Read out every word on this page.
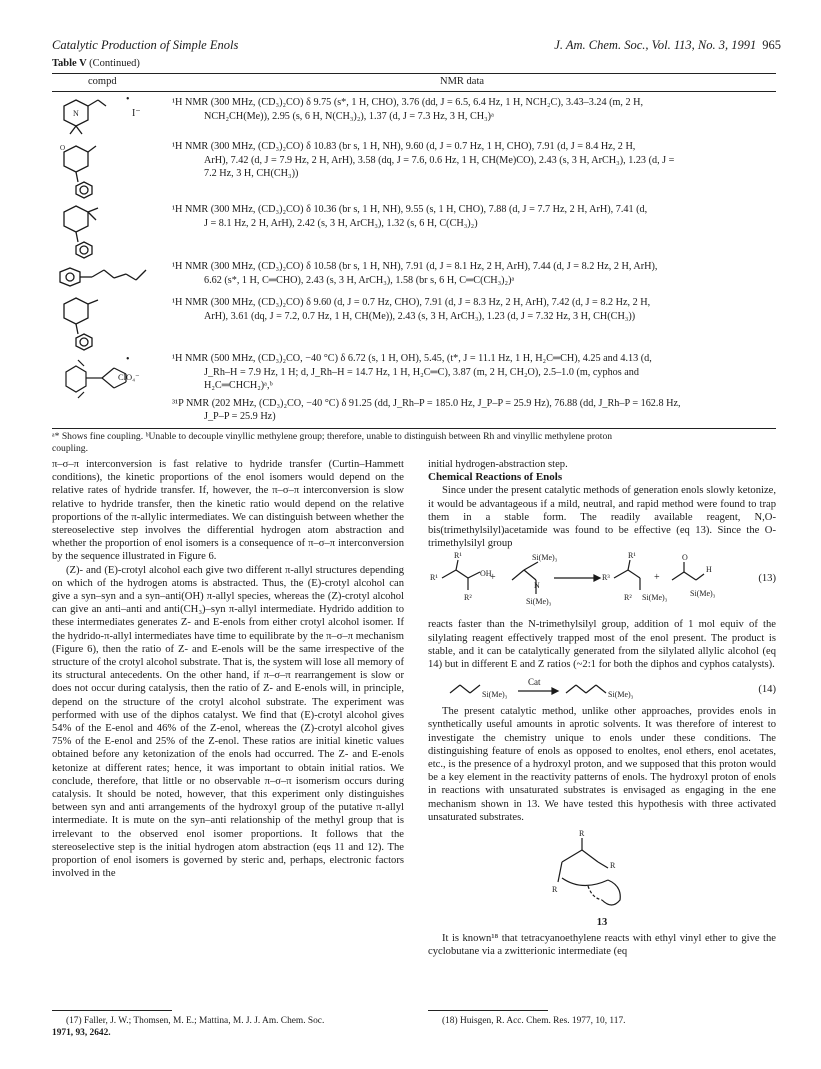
Catalytic Production of Simple Enols	J. Am. Chem. Soc., Vol. 113, No. 3, 1991 965
Table V (Continued)
compd	NMR data
N
•
I⁻
O
•
ClO₄⁻

¹H NMR (300 MHz, (CD₃)₂CO) δ 9.75 (s*, 1 H, CHO), 3.76 (dd, J = 6.5, 6.4 Hz, 1 H, NCH₂C), 3.43–3.24 (m, 2 H,
NCH₂CH(Me)), 2.95 (s, 6 H, N(CH₃)₂), 1.37 (d, J = 7.3 Hz, 3 H, CH₃)ᵃ

¹H NMR (300 MHz, (CD₃)₂CO) δ 10.83 (br s, 1 H, NH), 9.60 (d, J = 0.7 Hz, 1 H, CHO), 7.91 (d, J = 8.4 Hz, 2 H,
ArH), 7.42 (d, J = 7.9 Hz, 2 H, ArH), 3.58 (dq, J = 7.6, 0.6 Hz, 1 H, CH(Me)CO), 2.43 (s, 3 H, ArCH₃), 1.23 (d, J =
7.2 Hz, 3 H, CH(CH₃))

¹H NMR (300 MHz, (CD₃)₂CO) δ 10.36 (br s, 1 H, NH), 9.55 (s, 1 H, CHO), 7.88 (d, J = 7.7 Hz, 2 H, ArH), 7.41 (d,
J = 8.1 Hz, 2 H, ArH), 2.42 (s, 3 H, ArCH₃), 1.32 (s, 6 H, C(CH₃)₂)

¹H NMR (300 MHz, (CD₃)₂CO) δ 10.58 (br s, 1 H, NH), 7.91 (d, J = 8.1 Hz, 2 H, ArH), 7.44 (d, J = 8.2 Hz, 2 H, ArH),
6.62 (s*, 1 H, C═CHO), 2.43 (s, 3 H, ArCH₃), 1.58 (br s, 6 H, C═C(CH₃)₂)ᵃ

¹H NMR (300 MHz, (CD₃)₂CO) δ 9.60 (d, J = 0.7 Hz, CHO), 7.91 (d, J = 8.3 Hz, 2 H, ArH), 7.42 (d, J = 8.2 Hz, 2 H,
ArH), 3.61 (dq, J = 7.2, 0.7 Hz, 1 H, CH(Me)), 2.43 (s, 3 H, ArCH₃), 1.23 (d, J = 7.32 Hz, 3 H, CH(CH₃))

¹H NMR (500 MHz, (CD₃)₂CO, −40 °C) δ 6.72 (s, 1 H, OH), 5.45, (t*, J = 11.1 Hz, 1 H, H₂C═CH), 4.25 and 4.13 (d,
J_Rh–H = 7.9 Hz, 1 H; d, J_Rh–H = 14.7 Hz, 1 H, H₂C═C), 3.87 (m, 2 H, CH₂O), 2.5–1.0 (m, cyphos and
H₂C═CHCH₂)ᵃ,ᵇ

³¹P NMR (202 MHz, (CD₃)₂CO, −40 °C) δ 91.25 (dd, J_Rh–P = 185.0 Hz, J_P–P = 25.9 Hz), 76.88 (dd, J_Rh–P = 162.8 Hz,
J_P–P = 25.9 Hz)

ᵃ* Shows fine coupling. ᵇUnable to decouple vinyllic methylene group; therefore, unable to distinguish between Rh and vinyllic methylene proton
coupling.

π–σ–π interconversion is fast relative to hydride transfer (Curtin–Hammett conditions), the kinetic proportions of the enol isomers would depend on the relative rates of hydride transfer. If, however, the π–σ–π interconversion is slow relative to hydride transfer, then the kinetic ratio would depend on the relative proportions of the π-allylic intermediates. We can distinguish between whether the stereoselective step involves the differential hydrogen atom abstraction and whether the proportion of enol isomers is a consequence of π–σ–π interconversion by the sequence illustrated in Figure 6.

(Z)- and (E)-crotyl alcohol each give two different π-allyl structures depending on which of the hydrogen atoms is abstracted. Thus, the (E)-crotyl alcohol can give a syn–syn and a syn–anti(OH) π-allyl species, whereas the (Z)-crotyl alcohol can give an anti–anti and anti(CH₃)–syn π-allyl intermediate. Hydrido addition to these intermediates generates Z- and E-enols from either crotyl alcohol isomer. If the hydrido-π-allyl intermediates have time to equilibrate by the π–σ–π mechanism (Figure 6), then the ratio of Z- and E-enols will be the same irrespective of the structure of the crotyl alcohol substrate. That is, the system will lose all memory of its structural antecedents. On the other hand, if π–σ–π rearrangement is slow or does not occur during catalysis, then the ratio of Z- and E-enols will, in principle, depend on the structure of the crotyl alcohol substrate. The experiment was performed with use of the diphos catalyst. We find that (E)-crotyl alcohol gives 54% of the E-enol and 46% of the Z-enol, whereas the (Z)-crotyl alcohol gives 75% of the E-enol and 25% of the Z-enol. These ratios are initial kinetic values obtained before any ketonization of the enols had occurred. The Z- and E-enols ketonize at different rates; hence, it was important to obtain initial ratios. We conclude, therefore, that little or no observable π–σ–π isomerism occurs during catalysis. It should be noted, however, that this experiment only distinguishes between syn and anti arrangements of the hydroxyl group of the putative π-allyl intermediate. It is mute on the syn–anti relationship of the methyl group that is irrelevant to the observed enol isomer proportions. It follows that the stereoselective step is the initial hydrogen atom abstraction (eqs 11 and 12). The proportion of enol isomers is governed by steric and, perhaps, electronic factors involved in the

(17) Faller, J. W.; Thomsen, M. E.; Mattina, M. J. J. Am. Chem. Soc.
1971, 93, 2642.

initial hydrogen-abstraction step.

Chemical Reactions of Enols

Since under the present catalytic methods of generation enols slowly ketonize, it would be advantageous if a mild, neutral, and rapid method were found to trap them in a stable form. The readily available reagent, N,O-bis(trimethylsilyl)acetamide was found to be effective (eq 13). Since the O-trimethylsilyl group

R¹
R¹
OH
R²
Si(Me)₃
Si(Me)₃
R³
R¹
R² Si(Me)₃
H
Si(Me)₃
N
O
+
+	(13)

reacts faster than the N-trimethylsilyl group, addition of 1 mol equiv of the silylating reagent effectively trapped most of the enol present. The product is stable, and it can be catalytically generated from the silylated allylic alcohol (eq 14) but in different E and Z ratios (~2:1 for both the diphos and cyphos catalysts).

Si(Me)₃
Cat
Si(Me)₃	(14)

The present catalytic method, unlike other approaches, provides enols in synthetically useful amounts in aprotic solvents. It was therefore of interest to investigate the chemistry unique to enols under these conditions. The distinguishing feature of enols as opposed to enoltes, enol ethers, enol acetates, etc., is the presence of a hydroxyl proton, and we supposed that this proton would be a key element in the reactivity patterns of enols. The hydroxyl proton of enols in reactions with unsaturated substrates is envisaged as engaging in the ene mechanism shown in 13. We have tested this hypothesis with three activated unsaturated substrates.

R
R
R
13

It is known¹⁸ that tetracyanoethylene reacts with ethyl vinyl ether to give the cyclobutane via a zwitterionic intermediate (eq

(18) Huisgen, R. Acc. Chem. Res. 1977, 10, 117.
